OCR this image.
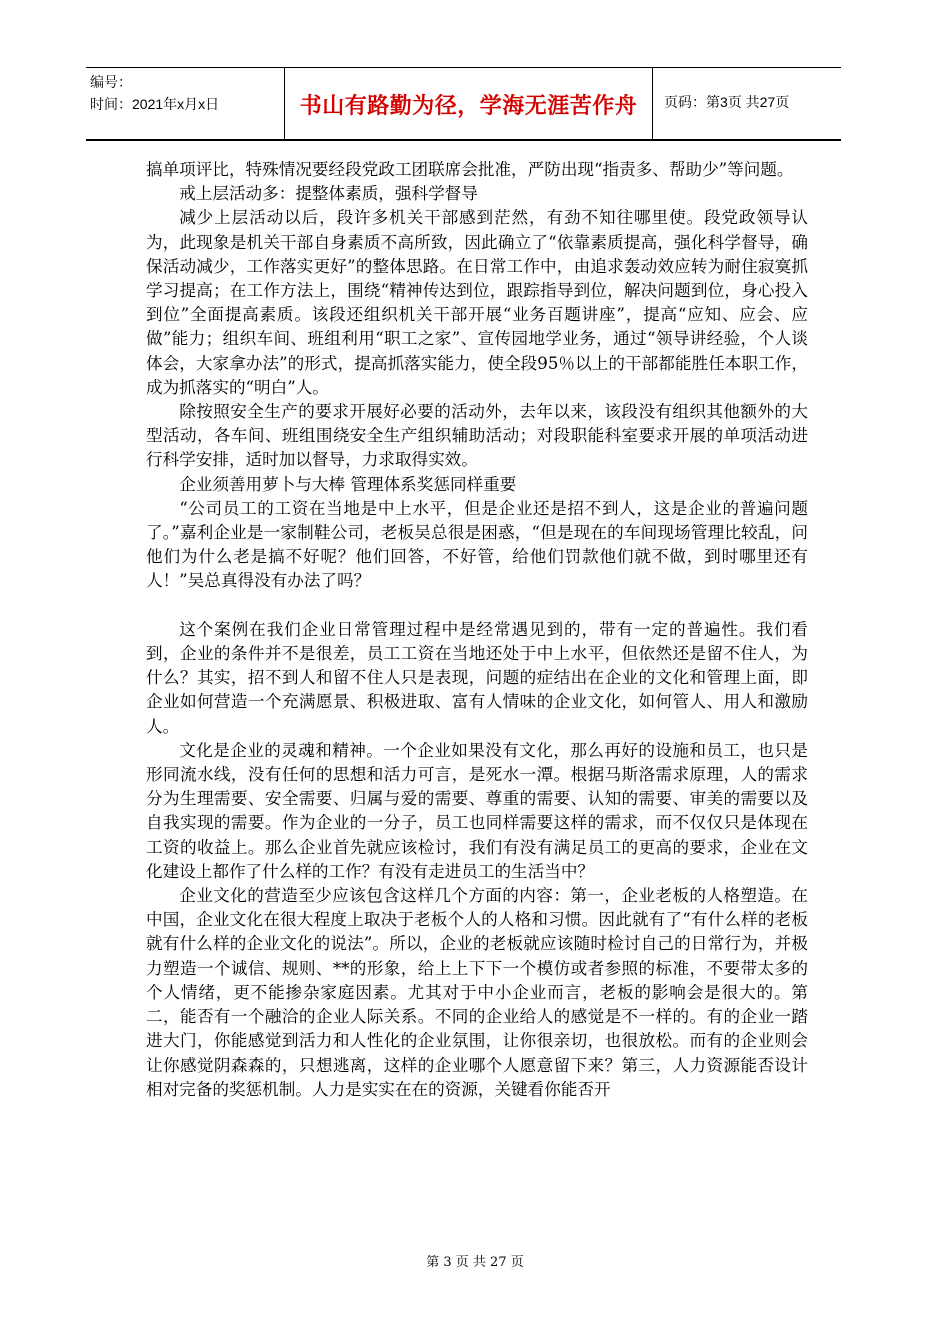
编号：
时间：2021年x月x日	书山有路勤为径，学海无涯苦作舟	页码：第3页 共27页

搞单项评比，特殊情况要经段党政工团联席会批准，严防出现“指责多、帮助少”等问题。

戒上层活动多：提整体素质，强科学督导

减少上层活动以后，段许多机关干部感到茫然，有劲不知往哪里使。段党政领导认为，此现象是机关干部自身素质不高所致，因此确立了“依靠素质提高，强化科学督导，确保活动减少，工作落实更好”的整体思路。在日常工作中，由追求轰动效应转为耐住寂寞抓学习提高；在工作方法上，围绕“精神传达到位，跟踪指导到位，解决问题到位，身心投入到位”全面提高素质。该段还组织机关干部开展“业务百题讲座”，提高“应知、应会、应做”能力；组织车间、班组利用“职工之家”、宣传园地学业务，通过“领导讲经验，个人谈体会，大家拿办法”的形式，提高抓落实能力，使全段95％以上的干部都能胜任本职工作，成为抓落实的“明白”人。

除按照安全生产的要求开展好必要的活动外，去年以来，该段没有组织其他额外的大型活动，各车间、班组围绕安全生产组织辅助活动；对段职能科室要求开展的单项活动进行科学安排，适时加以督导，力求取得实效。

企业须善用萝卜与大棒 管理体系奖惩同样重要

“公司员工的工资在当地是中上水平，但是企业还是招不到人，这是企业的普遍问题了。”嘉利企业是一家制鞋公司，老板吴总很是困惑，“但是现在的车间现场管理比较乱，问他们为什么老是搞不好呢？他们回答，不好管，给他们罚款他们就不做，到时哪里还有人！”吴总真得没有办法了吗？

这个案例在我们企业日常管理过程中是经常遇见到的，带有一定的普遍性。我们看到，企业的条件并不是很差，员工工资在当地还处于中上水平，但依然还是留不住人，为什么？其实，招不到人和留不住人只是表现，问题的症结出在企业的文化和管理上面，即企业如何营造一个充满愿景、积极进取、富有人情味的企业文化，如何管人、用人和激励人。

文化是企业的灵魂和精神。一个企业如果没有文化，那么再好的设施和员工，也只是形同流水线，没有任何的思想和活力可言，是死水一潭。根据马斯洛需求原理，人的需求分为生理需要、安全需要、归属与爱的需要、尊重的需要、认知的需要、审美的需要以及自我实现的需要。作为企业的一分子，员工也同样需要这样的需求，而不仅仅只是体现在工资的收益上。那么企业首先就应该检讨，我们有没有满足员工的更高的要求，企业在文化建设上都作了什么样的工作？有没有走进员工的生活当中？

企业文化的营造至少应该包含这样几个方面的内容：第一，企业老板的人格塑造。在中国，企业文化在很大程度上取决于老板个人的人格和习惯。因此就有了“有什么样的老板就有什么样的企业文化的说法”。所以，企业的老板就应该随时检讨自己的日常行为，并极力塑造一个诚信、规则、**的形象，给上上下下一个模仿或者参照的标准，不要带太多的个人情绪，更不能掺杂家庭因素。尤其对于中小企业而言，老板的影响会是很大的。第二，能否有一个融洽的企业人际关系。不同的企业给人的感觉是不一样的。有的企业一踏进大门，你能感觉到活力和人性化的企业氛围，让你很亲切，也很放松。而有的企业则会让你感觉阴森森的，只想逃离，这样的企业哪个人愿意留下来？第三，人力资源能否设计相对完备的奖惩机制。人力是实实在在的资源，关键看你能否开

第 3 页 共 27 页
